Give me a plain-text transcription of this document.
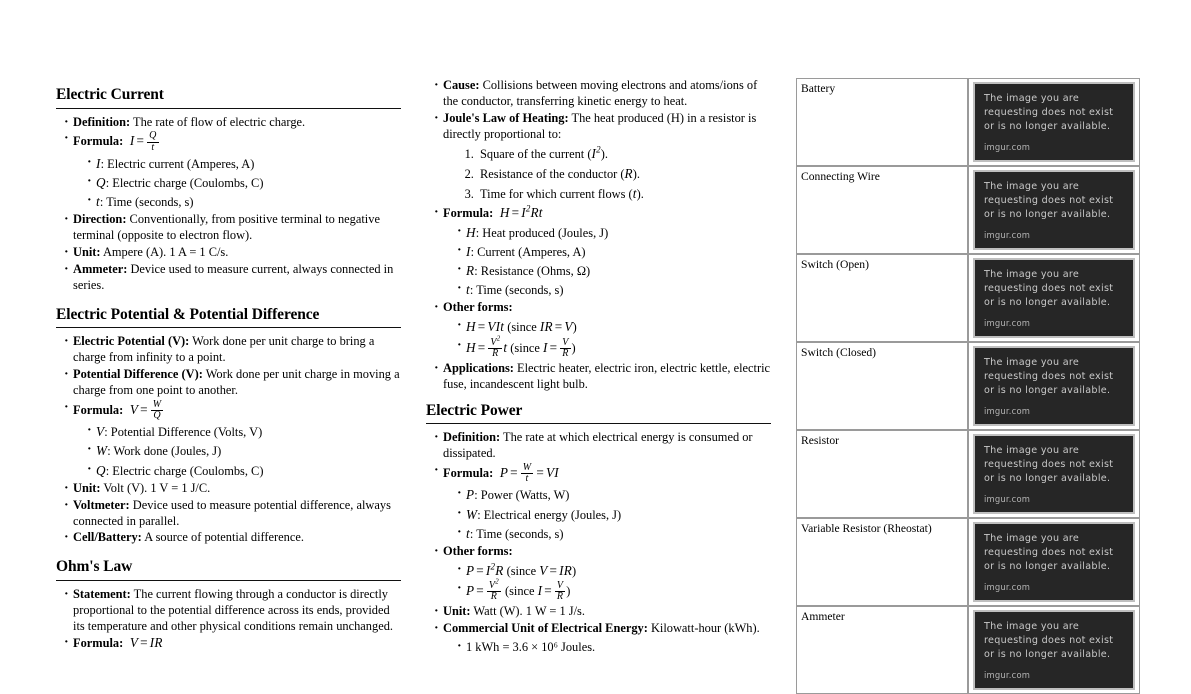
Electric Current
· Definition: The rate of flow of electric charge.
· Formula:  $I = \frac{Q}{t}$
· I: Electric current (Amperes, A)
· Q: Electric charge (Coulombs, C)
· t: Time (seconds, s)
· Direction: Conventionally, from positive terminal to negative terminal (opposite to electron flow).
· Unit: Ampere (A). 1 A = 1 C/s.
· Ammeter: Device used to measure current, always connected in series.
Electric Potential & Potential Difference
· Electric Potential (V): Work done per unit charge to bring a charge from infinity to a point.
· Potential Difference (V): Work done per unit charge in moving a charge from one point to another.
· Formula:  $V = \frac{W}{Q}$
· V: Potential Difference (Volts, V)
· W: Work done (Joules, J)
· Q: Electric charge (Coulombs, C)
· Unit: Volt (V). 1 V = 1 J/C.
· Voltmeter: Device used to measure potential difference, always connected in parallel.
· Cell/Battery: A source of potential difference.
Ohm's Law
· Statement: The current flowing through a conductor is directly proportional to the potential difference across its ends, provided its temperature and other physical conditions remain unchanged.
· Formula:  V = IR
· Cause: Collisions between moving electrons and atoms/ions of the conductor, transferring kinetic energy to heat.
· Joule's Law of Heating: The heat produced (H) in a resistor is directly proportional to:
1. Square of the current $(I^2)$.
2. Resistance of the conductor (R).
3. Time for which current flows (t).
· Formula:  $H = I^2Rt$
· H: Heat produced (Joules, J)
· I: Current (Amperes, A)
· R: Resistance (Ohms, Ω)
· t: Time (seconds, s)
· Other forms:
· H = VIt (since IR = V)
· $H = \frac{V^2}{R}$ t (since $I = \frac{V}{R}$ )
· Applications: Electric heater, electric iron, electric kettle, electric fuse, incandescent light bulb.
Electric Power
· Definition: The rate at which electrical energy is consumed or dissipated.
· Formula:  $P = \frac{W}{t}$ = VI
· P: Power (Watts, W)
· W: Electrical energy (Joules, J)
· t: Time (seconds, s)
· Other forms:
· $P = I^2R$ (since V = IR)
· $P = \frac{V^2}{R}$ (since $I = \frac{V}{R}$ )
· Unit: Watt (W). 1 W = 1 J/s.
· Commercial Unit of Electrical Energy: Kilowatt-hour (kWh).
· 1 kWh = 3.6 × 10⁶ Joules.
Battery	The image you are requesting does not exist or is no longer available.
imgur.com

Connecting Wire	The image you are requesting does not exist or is no longer available.
imgur.com

Switch (Open)	The image you are requesting does not exist or is no longer available.
imgur.com

Switch (Closed)	The image you are requesting does not exist or is no longer available.
imgur.com

Resistor	The image you are requesting does not exist or is no longer available.
imgur.com

Variable Resistor (Rheostat)	The image you are requesting does not exist or is no longer available.
imgur.com

Ammeter	The image you are requesting does not exist or is no longer available.
imgur.com
